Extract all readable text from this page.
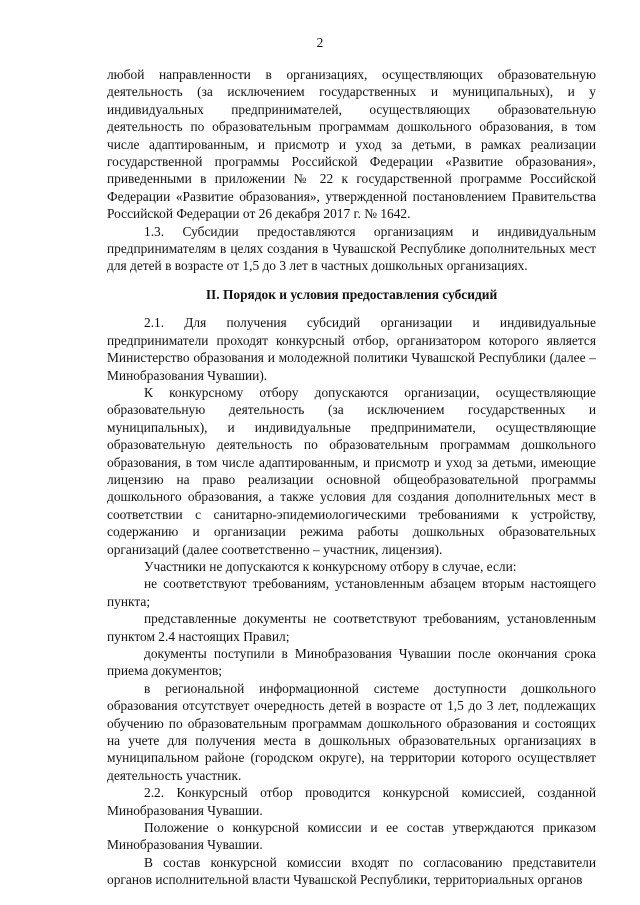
2

любой направленности в организациях, осуществляющих образовательную деятельность (за исключением государственных и муниципальных), и у индивидуальных предпринимателей, осуществляющих образовательную деятельность по образовательным программам дошкольного образования, в том числе адаптированным, и присмотр и уход за детьми, в рамках реализации государственной программы Российской Федерации «Развитие образования», приведенными в приложении № 22 к государственной программе Российской Федерации «Развитие образования», утвержденной постановлением Правительства Российской Федерации от 26 декабря 2017 г. № 1642.

1.3. Субсидии предоставляются организациям и индивидуальным предпринимателям в целях создания в Чувашской Республике дополнительных мест для детей в возрасте от 1,5 до 3 лет в частных дошкольных организациях.

II. Порядок и условия предоставления субсидий

2.1. Для получения субсидий организации и индивидуальные предприниматели проходят конкурсный отбор, организатором которого является Министерство образования и молодежной политики Чувашской Республики (далее – Минобразования Чувашии).

К конкурсному отбору допускаются организации, осуществляющие образовательную деятельность (за исключением государственных и муниципальных), и индивидуальные предприниматели, осуществляющие образовательную деятельность по образовательным программам дошкольного образования, в том числе адаптированным, и присмотр и уход за детьми, имеющие лицензию на право реализации основной общеобразовательной программы дошкольного образования, а также условия для создания дополнительных мест в соответствии с санитарно-эпидемиологическими требованиями к устройству, содержанию и организации режима работы дошкольных образовательных организаций (далее соответственно – участник, лицензия).

Участники не допускаются к конкурсному отбору в случае, если:

не соответствуют требованиям, установленным абзацем вторым настоящего пункта;

представленные документы не соответствуют требованиям, установленным пунктом 2.4 настоящих Правил;

документы поступили в Минобразования Чувашии после окончания срока приема документов;

в региональной информационной системе доступности дошкольного образования отсутствует очередность детей в возрасте от 1,5 до 3 лет, подлежащих обучению по образовательным программам дошкольного образования и состоящих на учете для получения места в дошкольных образовательных организациях в муниципальном районе (городском округе), на территории которого осуществляет деятельность участник.

2.2. Конкурсный отбор проводится конкурсной комиссией, созданной Минобразования Чувашии.

Положение о конкурсной комиссии и ее состав утверждаются приказом Минобразования Чувашии.

В состав конкурсной комиссии входят по согласованию представители органов исполнительной власти Чувашской Республики, территориальных органов
